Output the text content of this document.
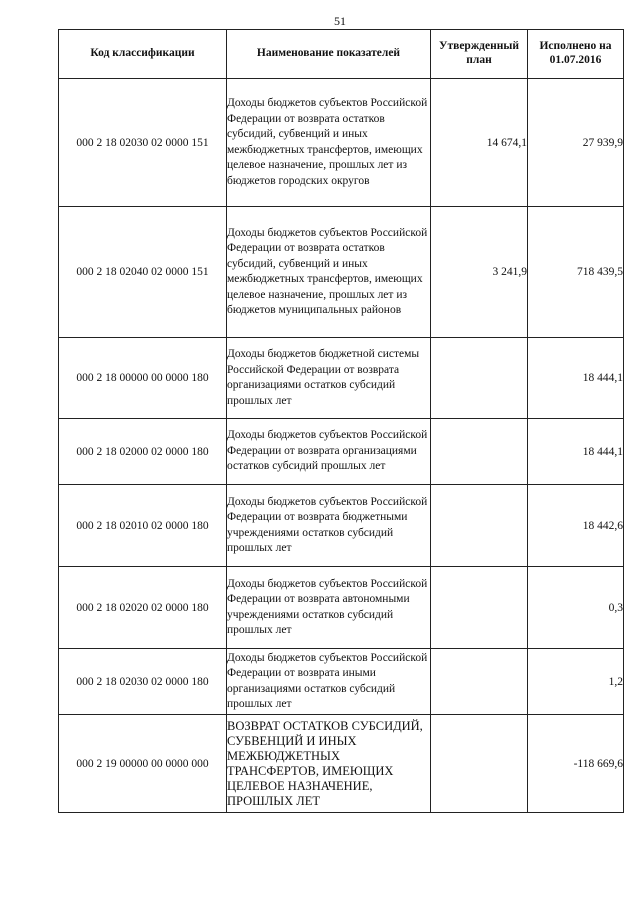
51
Код классификации	Наименование показателей	Утвержденный план	Исполнено на 01.07.2016
000 2 18 02030 02 0000 151	Доходы бюджетов субъектов Российской Федерации от возврата остатков субсидий, субвенций и иных межбюджетных трансфертов, имеющих целевое назначение, прошлых лет из бюджетов городских округов	14 674,1	27 939,9
000 2 18 02040 02 0000 151	Доходы бюджетов субъектов Российской Федерации от возврата остатков субсидий, субвенций и иных межбюджетных трансфертов, имеющих целевое назначение, прошлых лет из бюджетов муниципальных районов	3 241,9	718 439,5
000 2 18 00000 00 0000 180	Доходы бюджетов бюджетной системы Российской Федерации от возврата организациями остатков субсидий прошлых лет		18 444,1
000 2 18 02000 02 0000 180	Доходы бюджетов субъектов Российской Федерации от возврата организациями остатков субсидий прошлых лет		18 444,1
000 2 18 02010 02 0000 180	Доходы бюджетов субъектов Российской Федерации от возврата бюджетными учреждениями остатков субсидий прошлых лет		18 442,6
000 2 18 02020 02 0000 180	Доходы бюджетов субъектов Российской Федерации от возврата автономными учреждениями остатков субсидий прошлых лет		0,3
000 2 18 02030 02 0000 180	Доходы бюджетов субъектов Российской Федерации от возврата иными организациями остатков субсидий прошлых лет		1,2
000 2 19 00000 00 0000 000	ВОЗВРАТ ОСТАТКОВ СУБСИДИЙ, СУБВЕНЦИЙ И ИНЫХ МЕЖБЮДЖЕТНЫХ ТРАНСФЕРТОВ, ИМЕЮЩИХ ЦЕЛЕВОЕ НАЗНАЧЕНИЕ, ПРОШЛЫХ ЛЕТ		-118 669,6
